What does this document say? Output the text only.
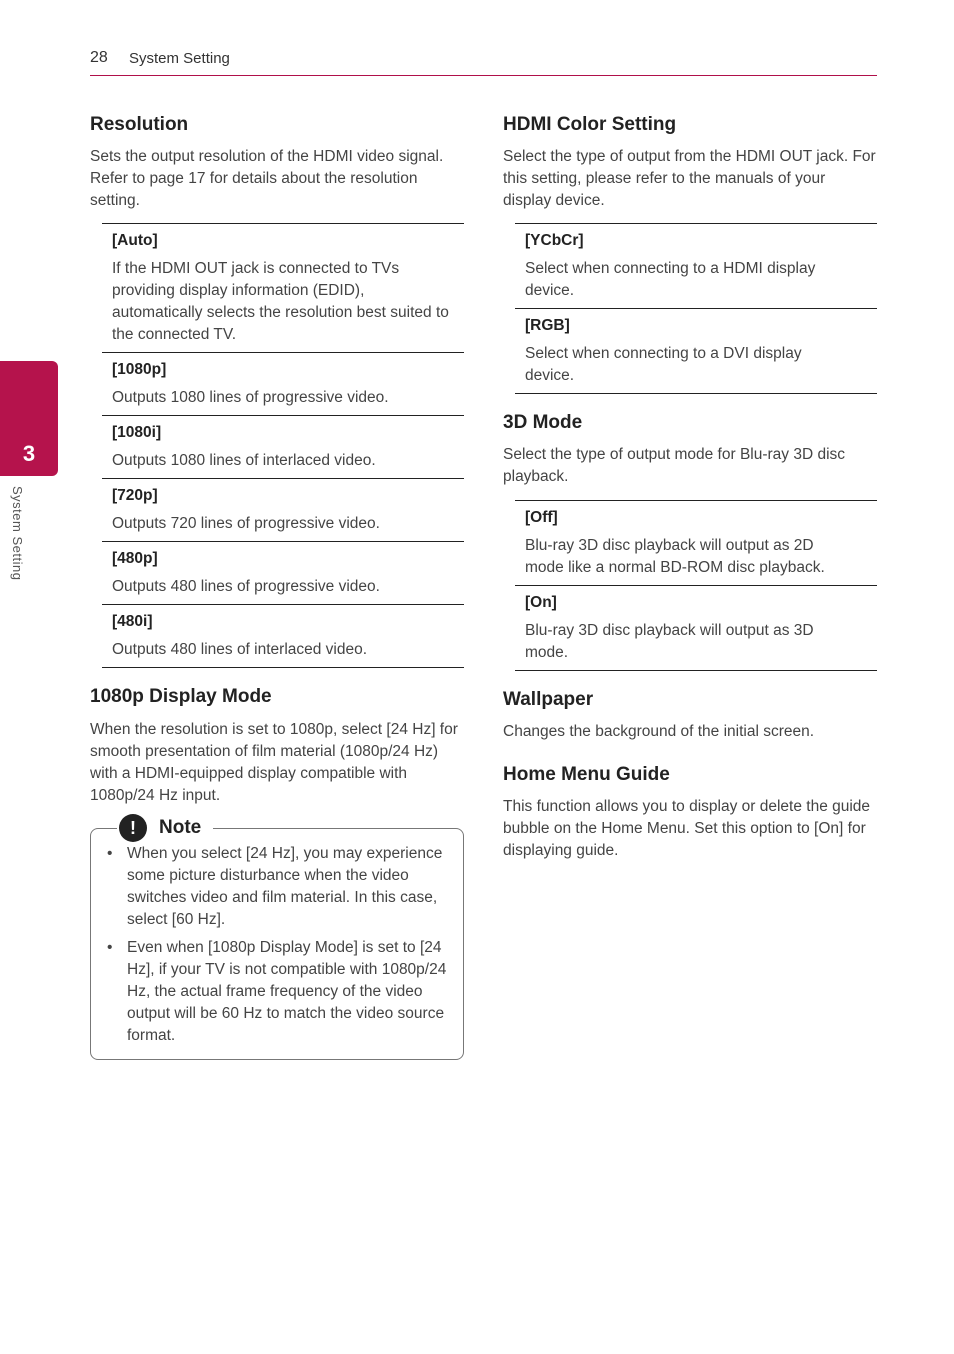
28 System Setting
3
System Setting
Resolution
Sets the output resolution of the HDMI video signal. Refer to page 17 for details about the resolution setting.
[Auto]
If the HDMI OUT jack is connected to TVs providing display information (EDID), automatically selects the resolution best suited to the connected TV.
[1080p]
Outputs 1080 lines of progressive video.
[1080i]
Outputs 1080 lines of interlaced video.
[720p]
Outputs 720 lines of progressive video.
[480p]
Outputs 480 lines of progressive video.
[480i]
Outputs 480 lines of interlaced video.
1080p Display Mode
When the resolution is set to 1080p, select [24 Hz] for smooth presentation of film material (1080p/24 Hz) with a HDMI-equipped display compatible with 1080p/24 Hz input.
!	Note
• When you select [24 Hz], you may experience some picture disturbance when the video switches video and film material. In this case, select [60 Hz].
• Even when [1080p Display Mode] is set to [24 Hz], if your TV is not compatible with 1080p/24 Hz, the actual frame frequency of the video output will be 60 Hz to match the video source format.
HDMI Color Setting
Select the type of output from the HDMI OUT jack. For this setting, please refer to the manuals of your display device.
[YCbCr]
Select when connecting to a HDMI display device.
[RGB]
Select when connecting to a DVI display device.
3D Mode
Select the type of output mode for Blu-ray 3D disc playback.
[Off]
Blu-ray 3D disc playback will output as 2D mode like a normal BD-ROM disc playback.
[On]
Blu-ray 3D disc playback will output as 3D mode.
Wallpaper
Changes the background of the initial screen.
Home Menu Guide
This function allows you to display or delete the guide bubble on the Home Menu. Set this option to [On] for displaying guide.
